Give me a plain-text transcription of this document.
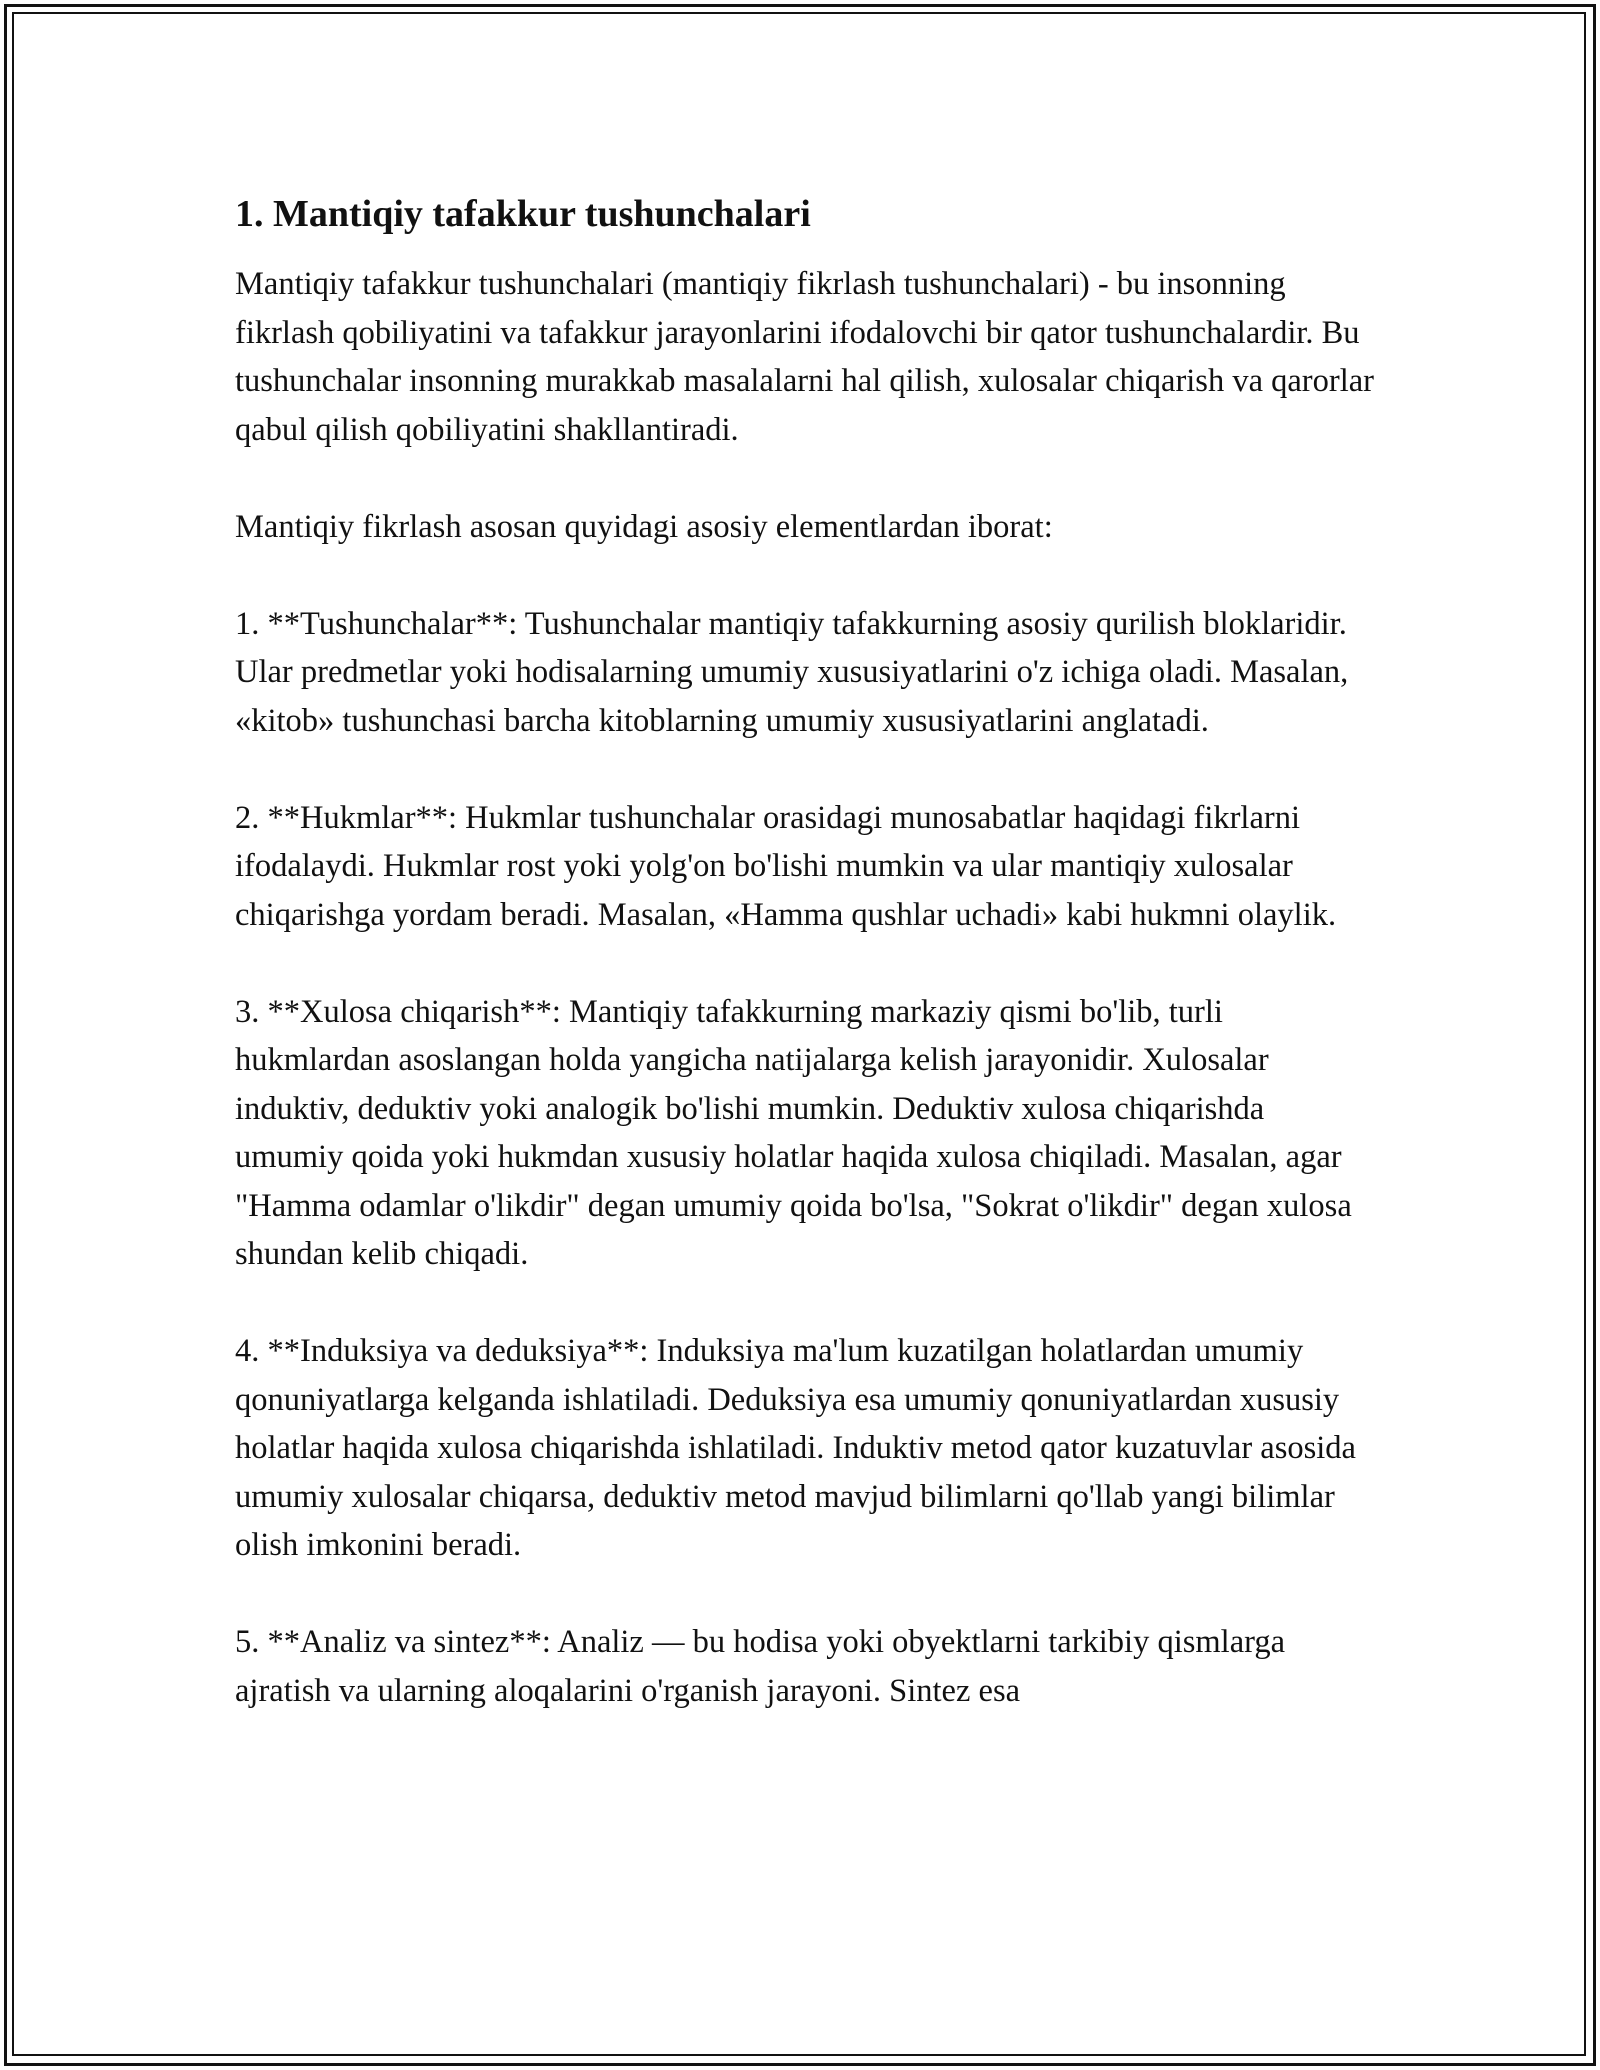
1. Mantiqiy tafakkur tushunchalari

Mantiqiy tafakkur tushunchalari (mantiqiy fikrlash tushunchalari) - bu insonning fikrlash qobiliyatini va tafakkur jarayonlarini ifodalovchi bir qator tushunchalardir. Bu tushunchalar insonning murakkab masalalarni hal qilish, xulosalar chiqarish va qarorlar qabul qilish qobiliyatini shakllantiradi.

Mantiqiy fikrlash asosan quyidagi asosiy elementlardan iborat:

1. **Tushunchalar**: Tushunchalar mantiqiy tafakkurning asosiy qurilish bloklaridir. Ular predmetlar yoki hodisalarning umumiy xususiyatlarini o'z ichiga oladi. Masalan, «kitob» tushunchasi barcha kitoblarning umumiy xususiyatlarini anglatadi.

2. **Hukmlar**: Hukmlar tushunchalar orasidagi munosabatlar haqidagi fikrlarni ifodalaydi. Hukmlar rost yoki yolg'on bo'lishi mumkin va ular mantiqiy xulosalar chiqarishga yordam beradi. Masalan, «Hamma qushlar uchadi» kabi hukmni olaylik.

3. **Xulosa chiqarish**: Mantiqiy tafakkurning markaziy qismi bo'lib, turli hukmlardan asoslangan holda yangicha natijalarga kelish jarayonidir. Xulosalar induktiv, deduktiv yoki analogik bo'lishi mumkin. Deduktiv xulosa chiqarishda umumiy qoida yoki hukmdan xususiy holatlar haqida xulosa chiqiladi. Masalan, agar "Hamma odamlar o'likdir" degan umumiy qoida bo'lsa, "Sokrat o'likdir" degan xulosa shundan kelib chiqadi.

4. **Induksiya va deduksiya**: Induksiya ma'lum kuzatilgan holatlardan umumiy qonuniyatlarga kelganda ishlatiladi. Deduksiya esa umumiy qonuniyatlardan xususiy holatlar haqida xulosa chiqarishda ishlatiladi. Induktiv metod qator kuzatuvlar asosida umumiy xulosalar chiqarsa, deduktiv metod mavjud bilimlarni qo'llab yangi bilimlar olish imkonini beradi.

5. **Analiz va sintez**: Analiz — bu hodisa yoki obyektlarni tarkibiy qismlarga ajratish va ularning aloqalarini o'rganish jarayoni. Sintez esa
